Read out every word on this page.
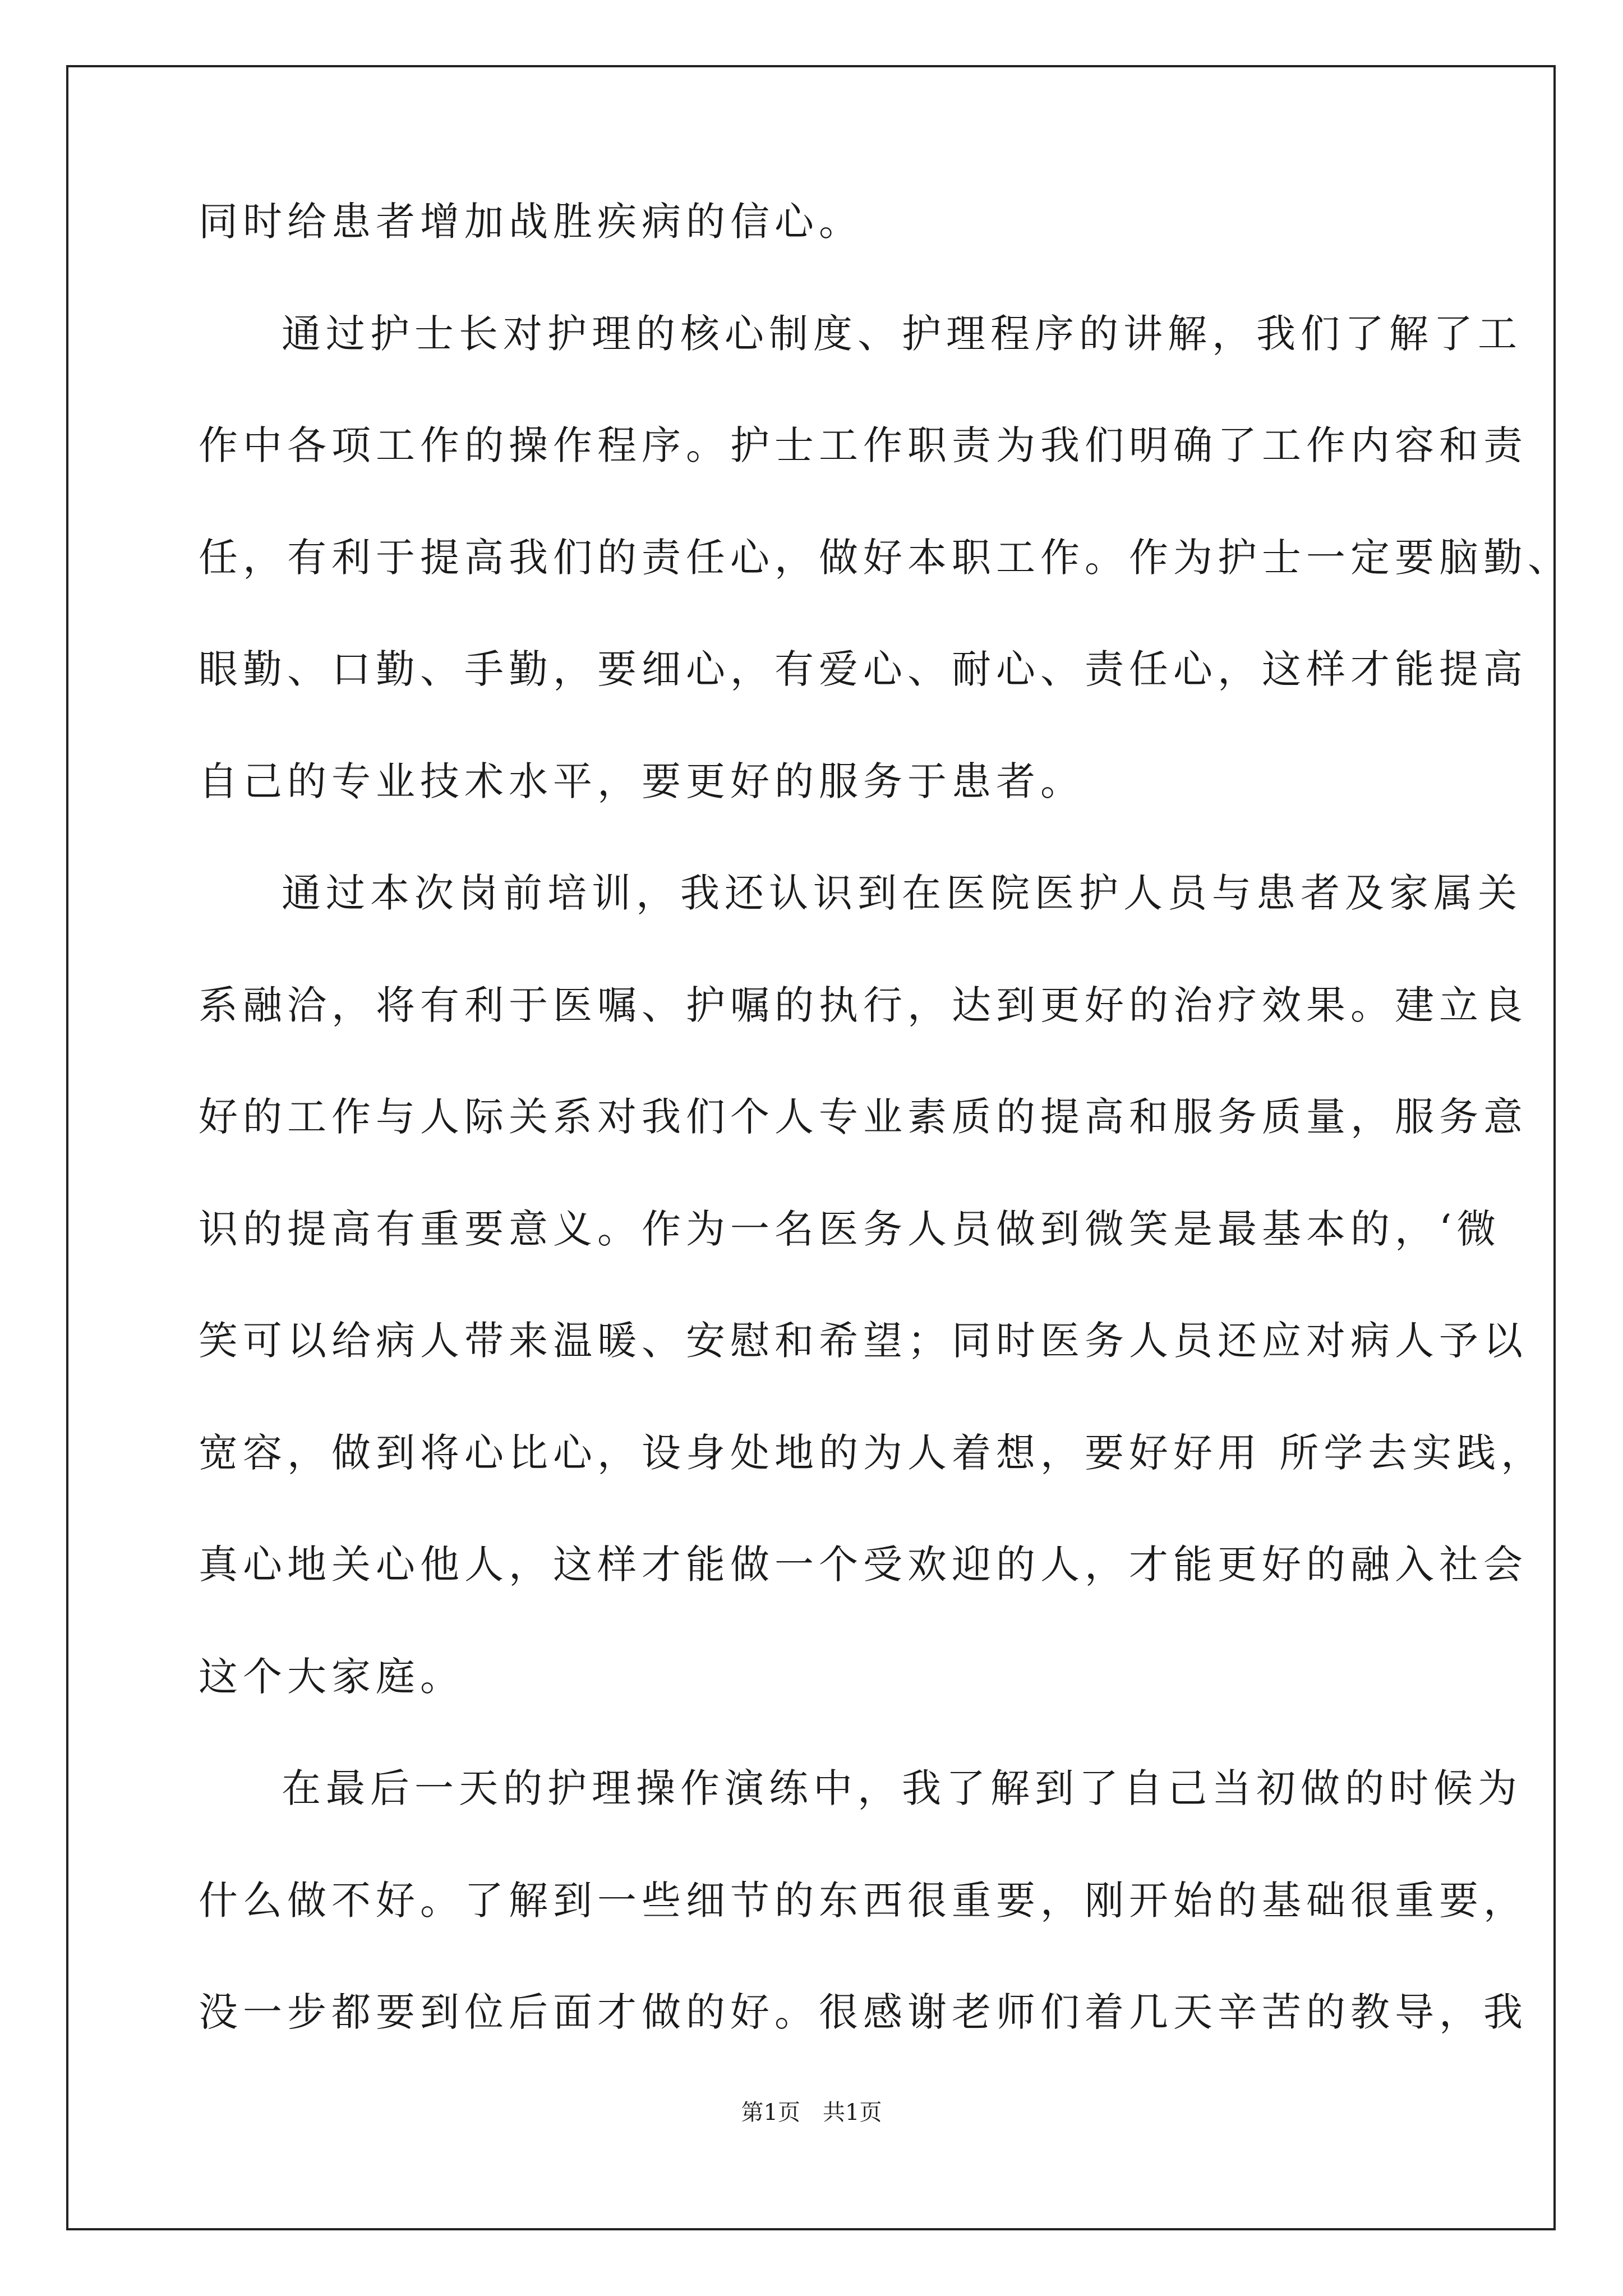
同时给患者增加战胜疾病的信心。
通过护士长对护理的核心制度、护理程序的讲解，我们了解了工
作中各项工作的操作程序。护士工作职责为我们明确了工作内容和责
任，有利于提高我们的责任心，做好本职工作。作为护士一定要脑勤、
眼勤、口勤、手勤，要细心，有爱心、耐心、责任心，这样才能提高
自己的专业技术水平，要更好的服务于患者。
通过本次岗前培训，我还认识到在医院医护人员与患者及家属关
系融洽，将有利于医嘱、护嘱的执行，达到更好的治疗效果。建立良
好的工作与人际关系对我们个人专业素质的提高和服务质量，服务意
识的提高有重要意义。作为一名医务人员做到微笑是最基本的，‘微
笑可以给病人带来温暖、安慰和希望；同时医务人员还应对病人予以
宽容，做到将心比心，设身处地的为人着想，要好好用 所学去实践，
真心地关心他人，这样才能做一个受欢迎的人，才能更好的融入社会
这个大家庭。
在最后一天的护理操作演练中，我了解到了自己当初做的时候为
什么做不好。了解到一些细节的东西很重要，刚开始的基础很重要，
没一步都要到位后面才做的好。很感谢老师们着几天辛苦的教导，我
第1页　共1页
